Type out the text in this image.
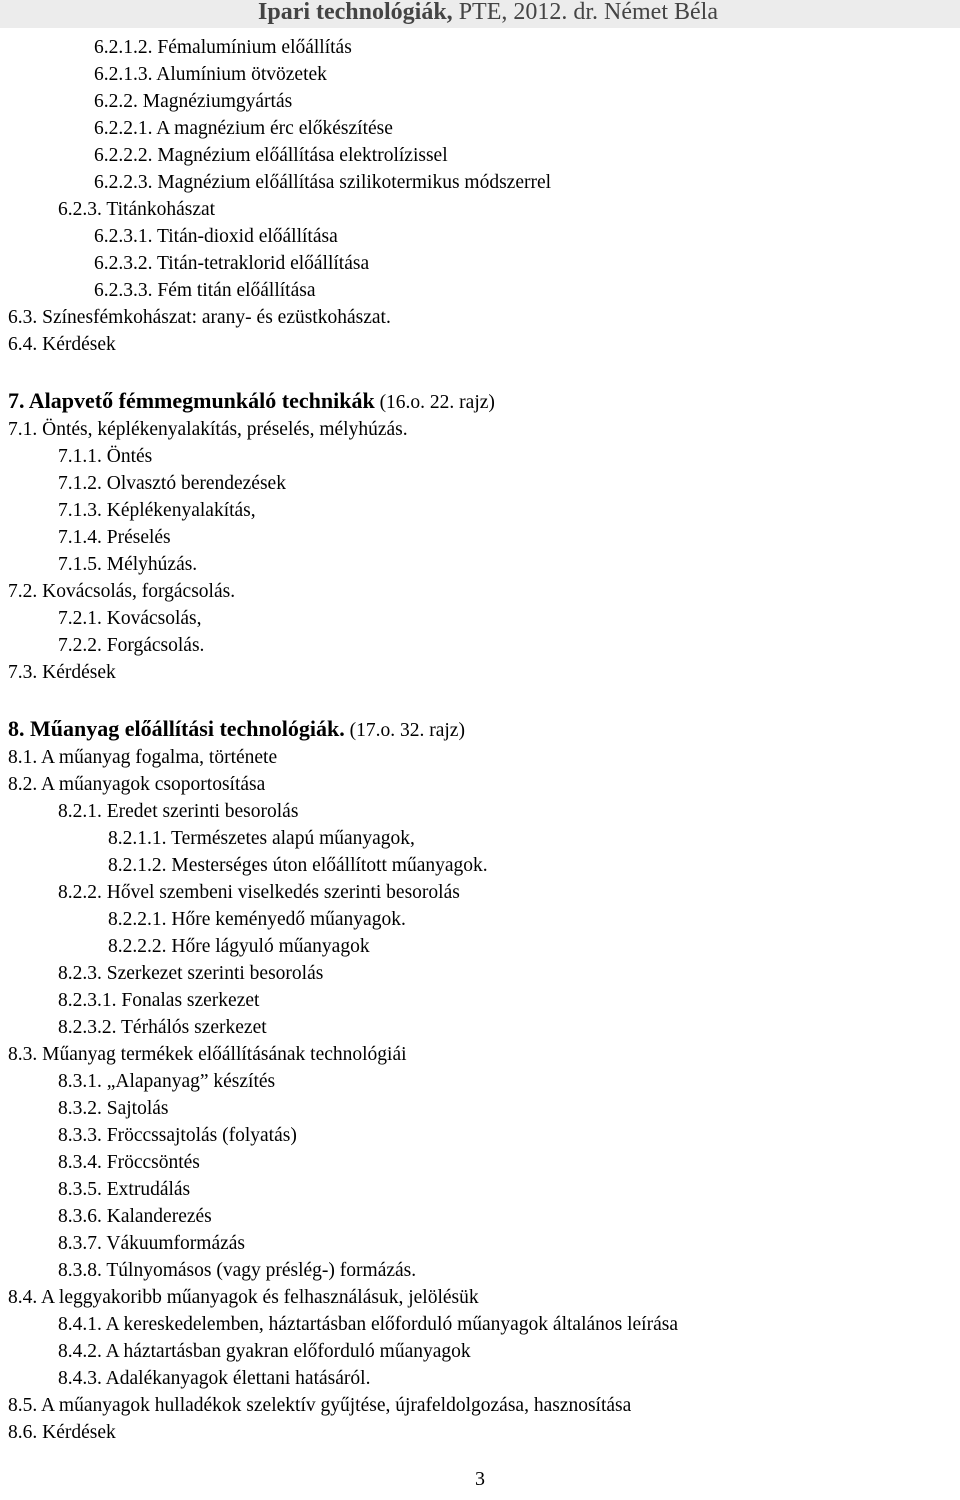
Ipari technológiák, PTE, 2012. dr. Német Béla
6.2.1.2. Fémalumínium előállítás
6.2.1.3. Alumínium ötvözetek
6.2.2. Magnéziumgyártás
6.2.2.1. A magnézium érc előkészítése
6.2.2.2. Magnézium előállítása elektrolízissel
6.2.2.3. Magnézium előállítása szilikotermikus módszerrel
6.2.3. Titánkohászat
6.2.3.1. Titán-dioxid előállítása
6.2.3.2. Titán-tetraklorid előállítása
6.2.3.3. Fém titán előállítása
6.3. Színesfémkohászat: arany- és ezüstkohászat.
6.4. Kérdések
7. Alapvető fémmegmunkáló technikák (16.o. 22. rajz)
7.1. Öntés, képlékenyalakítás, préselés, mélyhúzás.
7.1.1. Öntés
7.1.2. Olvasztó berendezések
7.1.3. Képlékenyalakítás,
7.1.4. Préselés
7.1.5. Mélyhúzás.
7.2. Kovácsolás, forgácsolás.
7.2.1. Kovácsolás,
7.2.2. Forgácsolás.
7.3. Kérdések
8. Műanyag előállítási technológiák. (17.o. 32. rajz)
8.1. A műanyag fogalma, története
8.2. A műanyagok csoportosítása
8.2.1. Eredet szerinti besorolás
8.2.1.1. Természetes alapú műanyagok,
8.2.1.2. Mesterséges úton előállított műanyagok.
8.2.2. Hővel szembeni viselkedés szerinti besorolás
8.2.2.1. Hőre keményedő műanyagok.
8.2.2.2. Hőre lágyuló műanyagok
8.2.3. Szerkezet szerinti besorolás
8.2.3.1. Fonalas szerkezet
8.2.3.2. Térhálós szerkezet
8.3. Műanyag termékek előállításának technológiái
8.3.1. „Alapanyag” készítés
8.3.2. Sajtolás
8.3.3. Fröccssajtolás (folyatás)
8.3.4. Fröccsöntés
8.3.5. Extrudálás
8.3.6. Kalanderezés
8.3.7. Vákuumformázás
8.3.8. Túlnyomásos (vagy préslég-) formázás.
8.4. A leggyakoribb műanyagok és felhasználásuk, jelölésük
8.4.1. A kereskedelemben, háztartásban előforduló műanyagok általános leírása
8.4.2. A háztartásban gyakran előforduló műanyagok
8.4.3. Adalékanyagok élettani hatásáról.
8.5. A műanyagok hulladékok szelektív gyűjtése, újrafeldolgozása, hasznosítása
8.6. Kérdések
3
